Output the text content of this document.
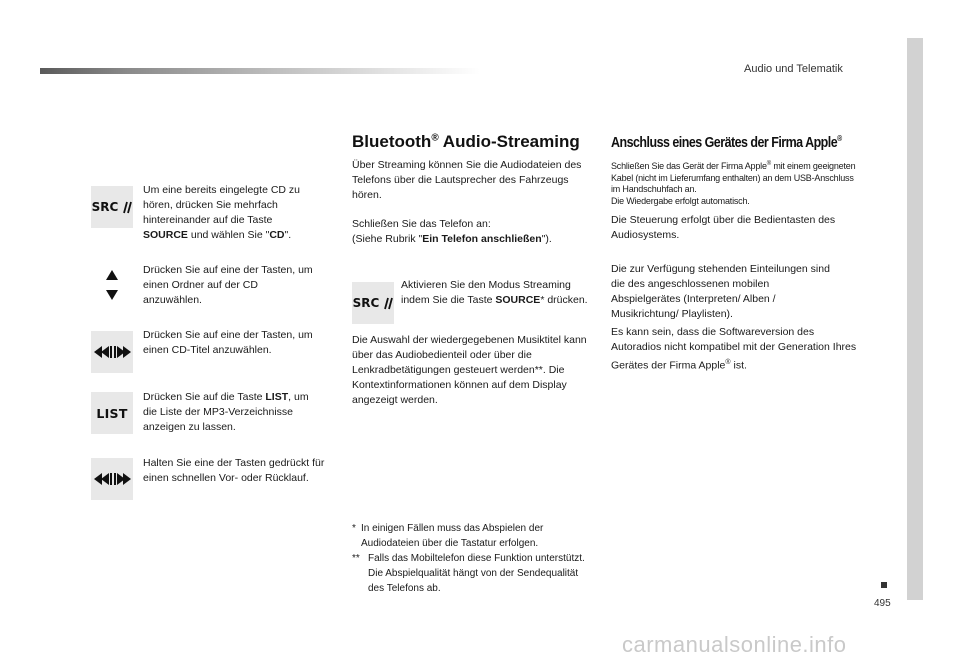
Audio und Telematik
495
SRC
Um eine bereits eingelegte CD zu hören, drücken Sie mehrfach hintereinander auf die Taste SOURCE und wählen Sie "CD".
Drücken Sie auf eine der Tasten, um einen Ordner auf der CD anzuwählen.
Drücken Sie auf eine der Tasten, um einen CD-Titel anzuwählen.
LIST
Drücken Sie auf die Taste LIST, um die Liste der MP3-Verzeichnisse anzeigen zu lassen.
Halten Sie eine der Tasten gedrückt für einen schnellen Vor- oder Rücklauf.
Bluetooth® Audio-Streaming
Über Streaming können Sie die Audiodateien des Telefons über die Lautsprecher des Fahrzeugs hören.
Schließen Sie das Telefon an:
(Siehe Rubrik "Ein Telefon anschließen").
SRC
Aktivieren Sie den Modus Streaming indem Sie die Taste SOURCE* drücken.
Die Auswahl der wiedergegebenen Musiktitel kann über das Audiobedienteil oder über die Lenkradbetätigungen gesteuert werden**. Die Kontextinformationen können auf dem Display angezeigt werden.
* In einigen Fällen muss das Abspielen der Audiodateien über die Tastatur erfolgen.
** Falls das Mobiltelefon diese Funktion unterstützt. Die Abspielqualität hängt von der Sendequalität des Telefons ab.
Anschluss eines Gerätes der Firma Apple®
Schließen Sie das Gerät der Firma Apple® mit einem geeigneten Kabel (nicht im Lieferumfang enthalten) an dem USB-Anschluss im Handschuhfach an.
Die Wiedergabe erfolgt automatisch.
Die Steuerung erfolgt über die Bedientasten des Audiosystems.
Die zur Verfügung stehenden Einteilungen sind die des angeschlossenen mobilen Abspielgerätes (Interpreten/ Alben / Musikrichtung/ Playlisten).
Es kann sein, dass die Softwareversion des Autoradios nicht kompatibel mit der Generation Ihres Gerätes der Firma Apple® ist.
carmanualsonline.info
